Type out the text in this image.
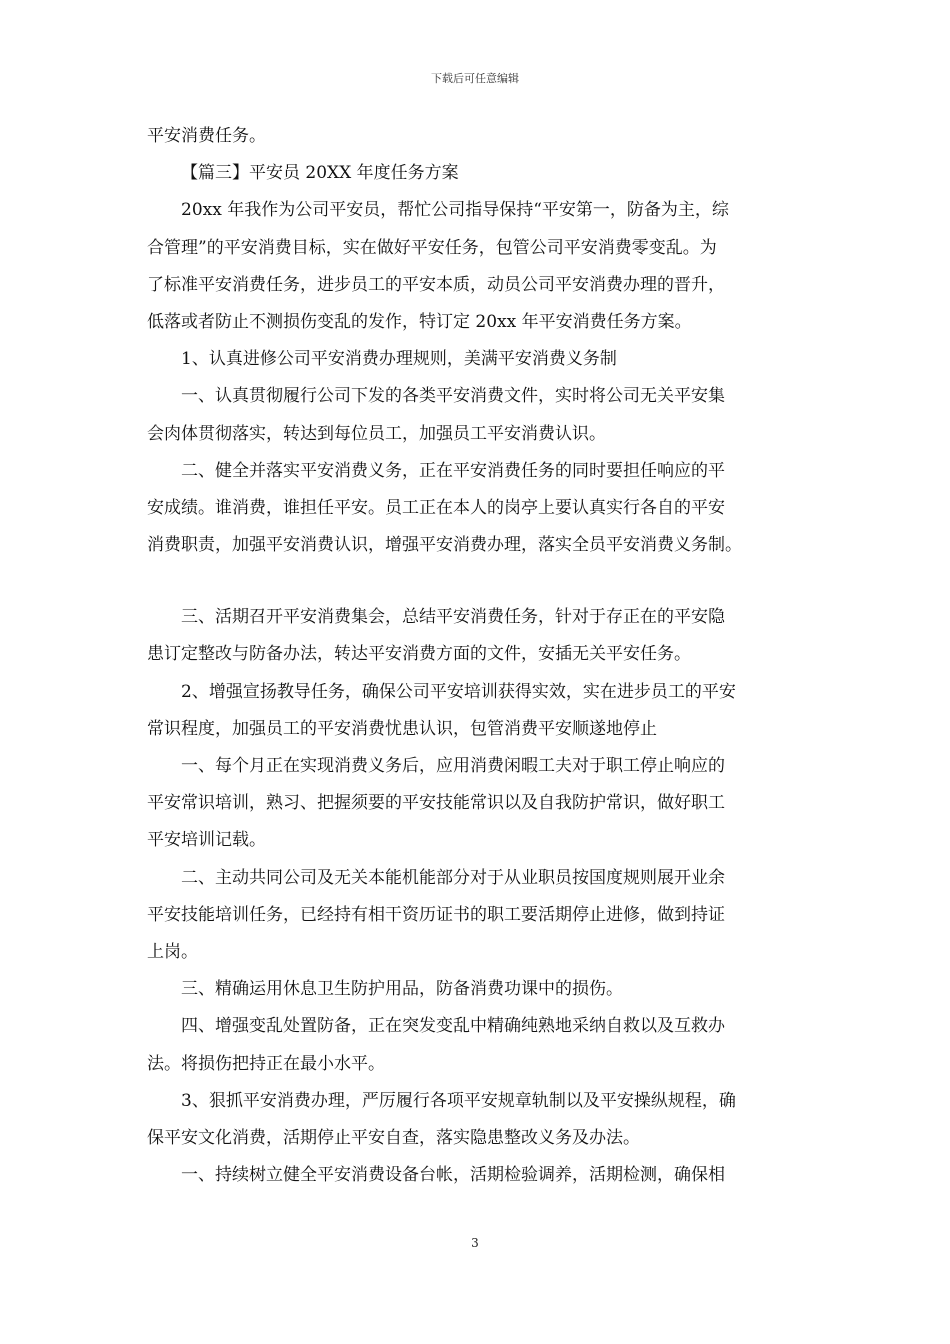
下载后可任意编辑
平安消费任务。
【篇三】平安员 20XX 年度任务方案
20xx 年我作为公司平安员，帮忙公司指导保持“平安第一，防备为主，综
合管理”的平安消费目标，实在做好平安任务，包管公司平安消费零变乱。为
了标准平安消费任务，进步员工的平安本质，动员公司平安消费办理的晋升，
低落或者防止不测损伤变乱的发作，特订定 20xx 年平安消费任务方案。
1、认真进修公司平安消费办理规则，美满平安消费义务制
一、认真贯彻履行公司下发的各类平安消费文件，实时将公司无关平安集
会肉体贯彻落实，转达到每位员工，加强员工平安消费认识。
二、健全并落实平安消费义务，正在平安消费任务的同时要担任响应的平
安成绩。谁消费，谁担任平安。员工正在本人的岗亭上要认真实行各自的平安
消费职责，加强平安消费认识，增强平安消费办理，落实全员平安消费义务制。
三、活期召开平安消费集会，总结平安消费任务，针对于存正在的平安隐
患订定整改与防备办法，转达平安消费方面的文件，安插无关平安任务。
2、增强宣扬教导任务，确保公司平安培训获得实效，实在进步员工的平安
常识程度，加强员工的平安消费忧患认识，包管消费平安顺遂地停止
一、每个月正在实现消费义务后，应用消费闲暇工夫对于职工停止响应的
平安常识培训，熟习、把握须要的平安技能常识以及自我防护常识，做好职工
平安培训记载。
二、主动共同公司及无关本能机能部分对于从业职员按国度规则展开业余
平安技能培训任务，已经持有相干资历证书的职工要活期停止进修，做到持证
上岗。
三、精确运用休息卫生防护用品，防备消费功课中的损伤。
四、增强变乱处置防备，正在突发变乱中精确纯熟地采纳自救以及互救办
法。将损伤把持正在最小水平。
3、狠抓平安消费办理，严厉履行各项平安规章轨制以及平安操纵规程，确
保平安文化消费，活期停止平安自查，落实隐患整改义务及办法。
一、持续树立健全平安消费设备台帐，活期检验调养，活期检测，确保相
3
